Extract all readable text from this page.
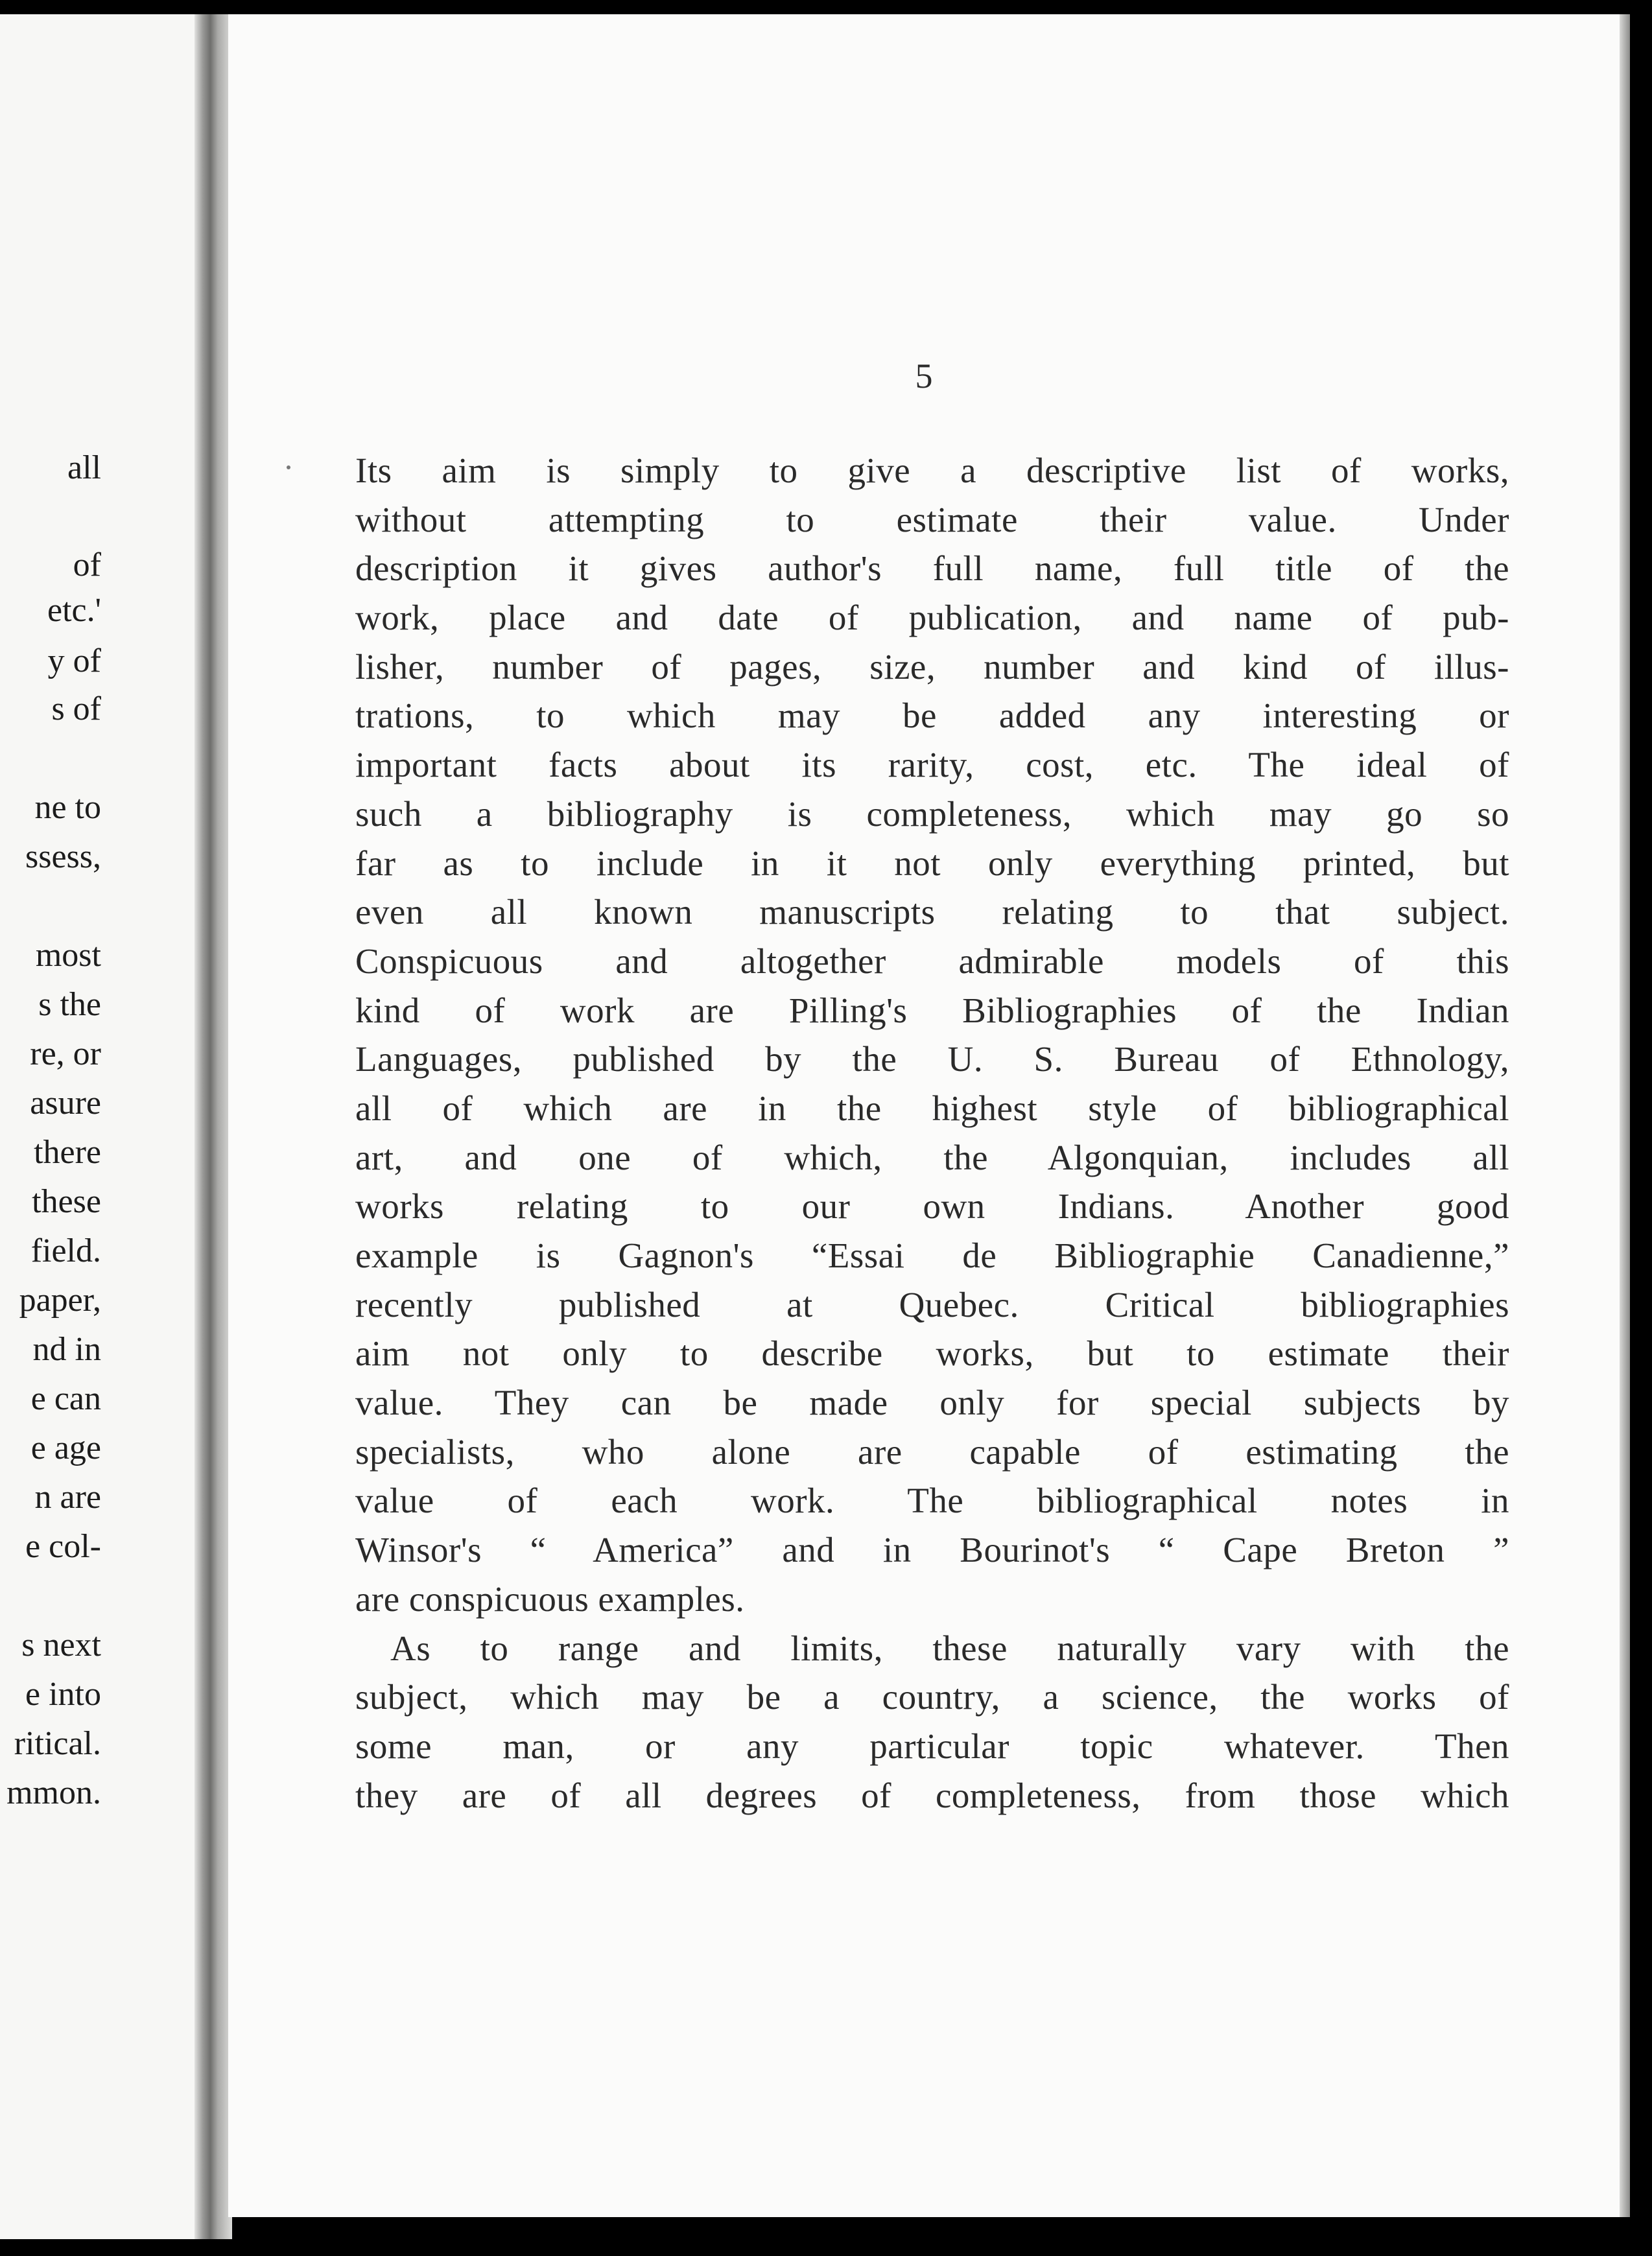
all
of
etc.'
y of
s of
ne to
ssess,
most
s the
re, or
asure
there
these
field.
paper,
nd in
e can
e age
n are
e col-
s next
e into
ritical.
mmon.
5
Its aim is simply to give a descriptive list of works,
without attempting to estimate their value. Under
description it gives author's full name, full title of the
work, place and date of publication, and name of pub-
lisher, number of pages, size, number and kind of illus-
trations, to which may be added any interesting or
important facts about its rarity, cost, etc. The ideal of
such a bibliography is completeness, which may go so
far as to include in it not only everything printed, but
even all known manuscripts relating to that subject.
Conspicuous and altogether admirable models of this
kind of work are Pilling's Bibliographies of the Indian
Languages, published by the U. S. Bureau of Ethnology,
all of which are in the highest style of bibliographical
art, and one of which, the Algonquian, includes all
works relating to our own Indians. Another good
example is Gagnon's “Essai de Bibliographie Canadienne,”
recently published at Quebec. Critical bibliographies
aim not only to describe works, but to estimate their
value. They can be made only for special subjects by
specialists, who alone are capable of estimating the
value of each work. The bibliographical notes in
Winsor's “ America” and in Bourinot's “ Cape Breton ”
are conspicuous examples.
As to range and limits, these naturally vary with the
subject, which may be a country, a science, the works of
some man, or any particular topic whatever. Then
they are of all degrees of completeness, from those which
